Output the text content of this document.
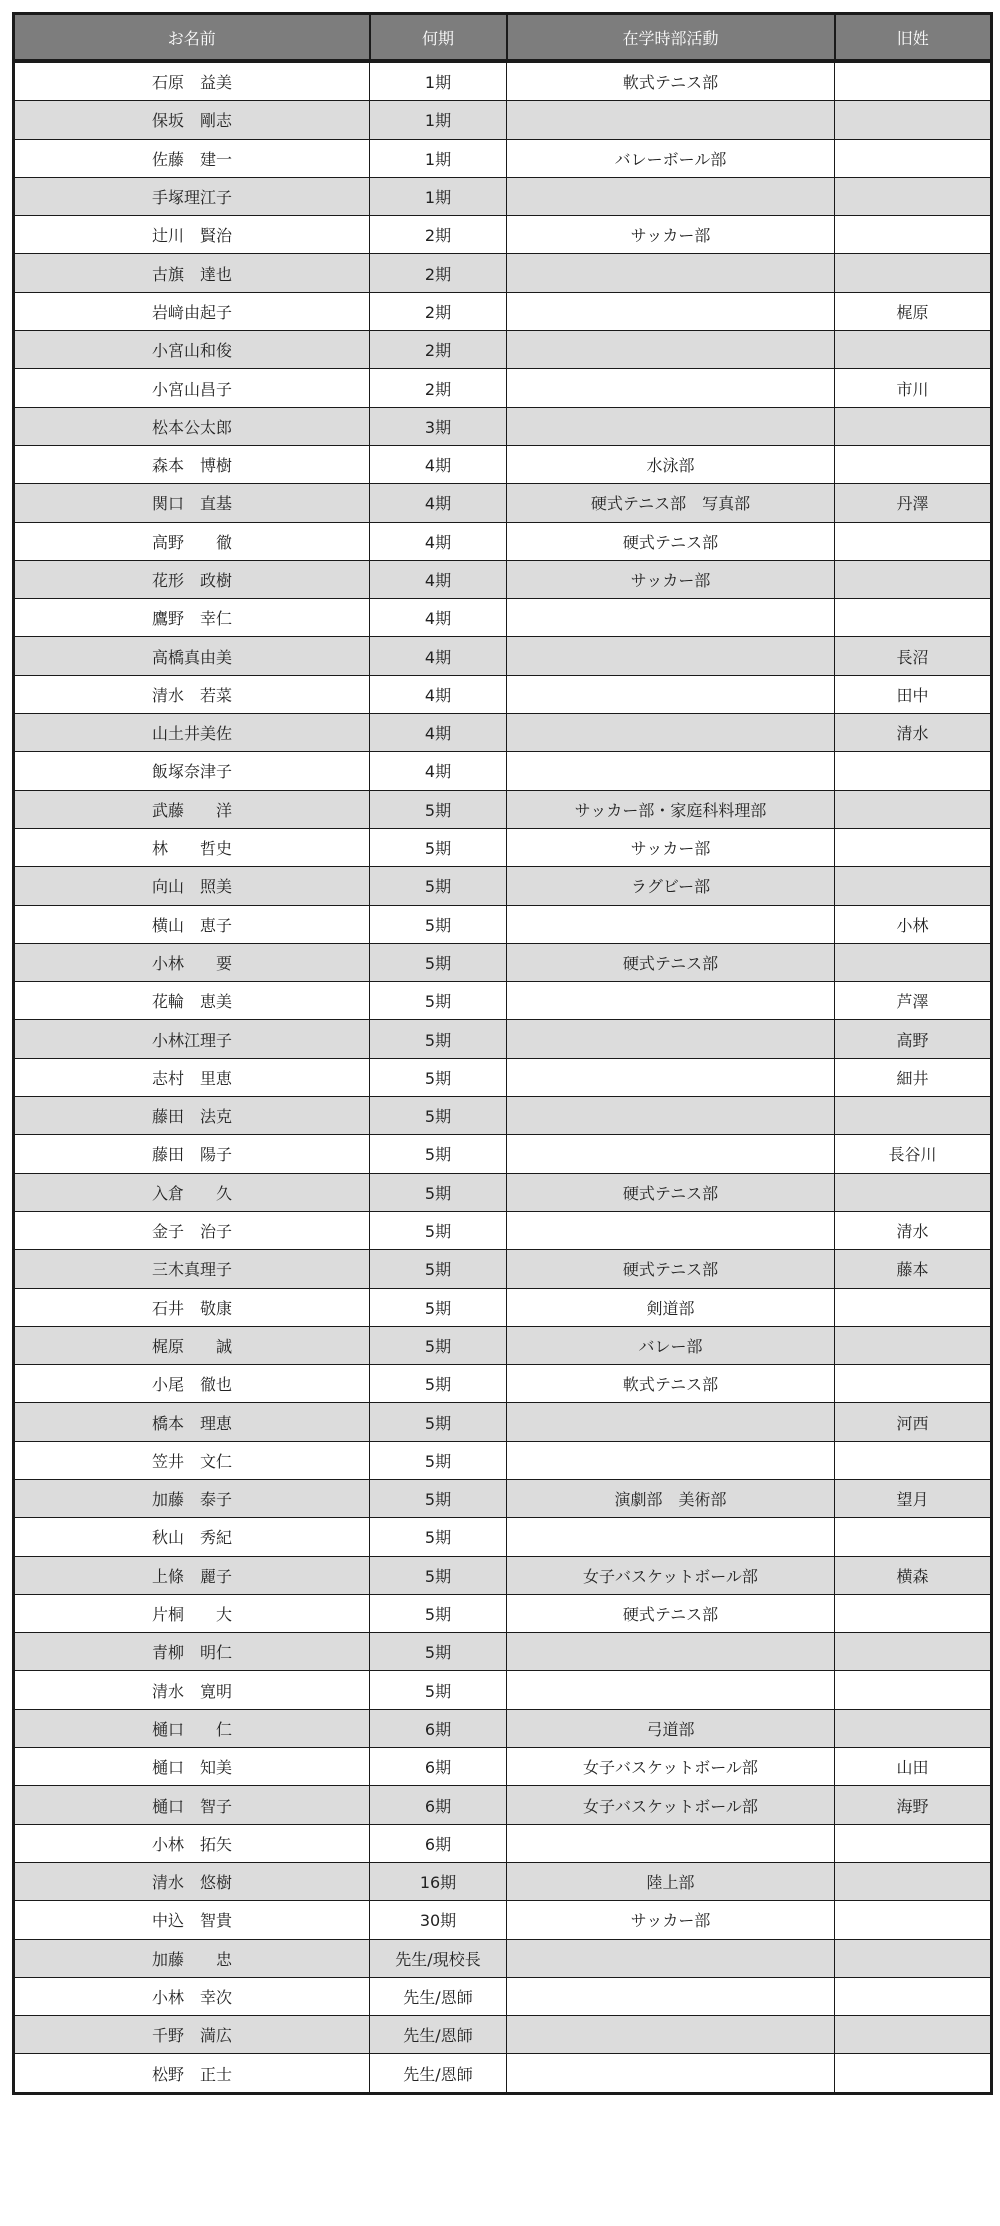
お名前	何期	在学時部活動	旧姓
石原　益美	1期	軟式テニス部	
保坂　剛志	1期		
佐藤　建一	1期	バレーボール部	
手塚理江子	1期		
辻川　賢治	2期	サッカー部	
古旗　達也	2期		
岩﨑由起子	2期		梶原
小宮山和俊	2期		
小宮山昌子	2期		市川
松本公太郎	3期		
森本　博樹	4期	水泳部	
関口　直基	4期	硬式テニス部　写真部	丹澤
高野　　徹	4期	硬式テニス部	
花形　政樹	4期	サッカー部	
鷹野　幸仁	4期		
高橋真由美	4期		長沼
清水　若菜	4期		田中
山土井美佐	4期		清水
飯塚奈津子	4期		
武藤　　洋	5期	サッカー部・家庭科料理部	
林　　哲史	5期	サッカー部	
向山　照美	5期	ラグビー部	
横山　恵子	5期		小林
小林　　要	5期	硬式テニス部	
花輪　恵美	5期		芦澤
小林江理子	5期		高野
志村　里恵	5期		細井
藤田　法克	5期		
藤田　陽子	5期		長谷川
入倉　　久	5期	硬式テニス部	
金子　治子	5期		清水
三木真理子	5期	硬式テニス部	藤本
石井　敬康	5期	剣道部	
梶原　　誠	5期	バレー部	
小尾　徹也	5期	軟式テニス部	
橋本　理恵	5期		河西
笠井　文仁	5期		
加藤　泰子	5期	演劇部　美術部	望月
秋山　秀紀	5期		
上條　麗子	5期	女子バスケットボール部	横森
片桐　　大	5期	硬式テニス部	
青柳　明仁	5期		
清水　寛明	5期		
樋口　　仁	6期	弓道部	
樋口　知美	6期	女子バスケットボール部	山田
樋口　智子	6期	女子バスケットボール部	海野
小林　拓矢	6期		
清水　悠樹	16期	陸上部	
中込　智貴	30期	サッカー部	
加藤　　忠	先生/現校長		
小林　幸次	先生/恩師		
千野　満広	先生/恩師		
松野　正士	先生/恩師		
